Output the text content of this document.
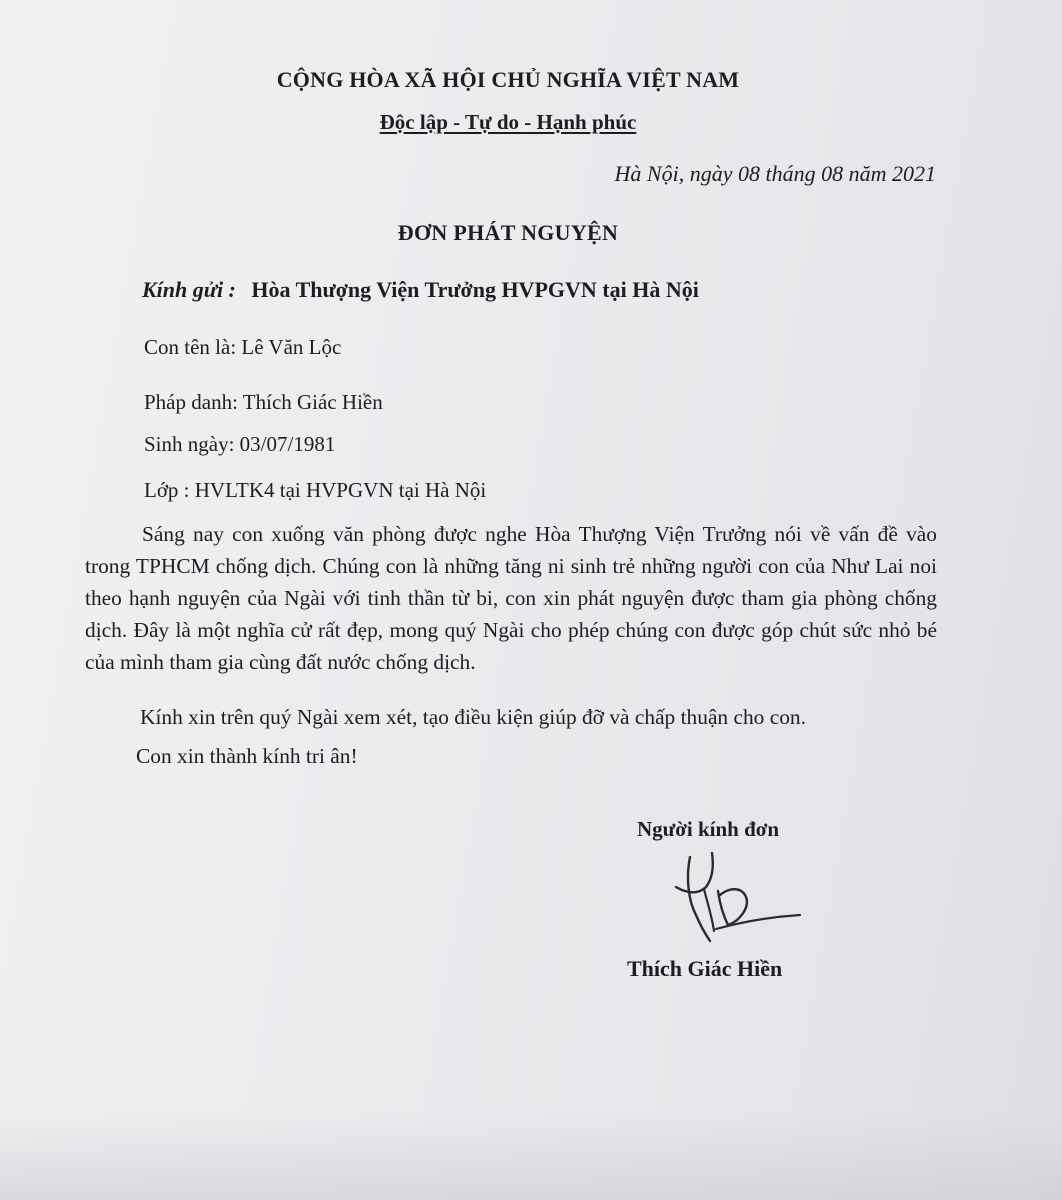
CỘNG HÒA XÃ HỘI CHỦ NGHĨA VIỆT NAM
Độc lập - Tự do - Hạnh phúc
Hà Nội, ngày 08 tháng 08 năm 2021
ĐƠN PHÁT NGUYỆN
Kính gửi : Hòa Thượng Viện Trưởng HVPGVN tại Hà Nội
Con tên là: Lê Văn Lộc
Pháp danh: Thích Giác Hiền
Sinh ngày: 03/07/1981
Lớp : HVLTK4 tại HVPGVN tại Hà Nội
Sáng nay con xuống văn phòng được nghe Hòa Thượng Viện Trưởng nói về vấn đề vào trong TPHCM chống dịch. Chúng con là những tăng ni sinh trẻ những người con của Như Lai noi theo hạnh nguyện của Ngài với tinh thần từ bi, con xin phát nguyện được tham gia phòng chống dịch. Đây là một nghĩa cử rất đẹp, mong quý Ngài cho phép chúng con được góp chút sức nhỏ bé của mình tham gia cùng đất nước chống dịch.
Kính xin trên quý Ngài xem xét, tạo điều kiện giúp đỡ và chấp thuận cho con.
Con xin thành kính tri ân!
Người kính đơn
Thích Giác Hiền
